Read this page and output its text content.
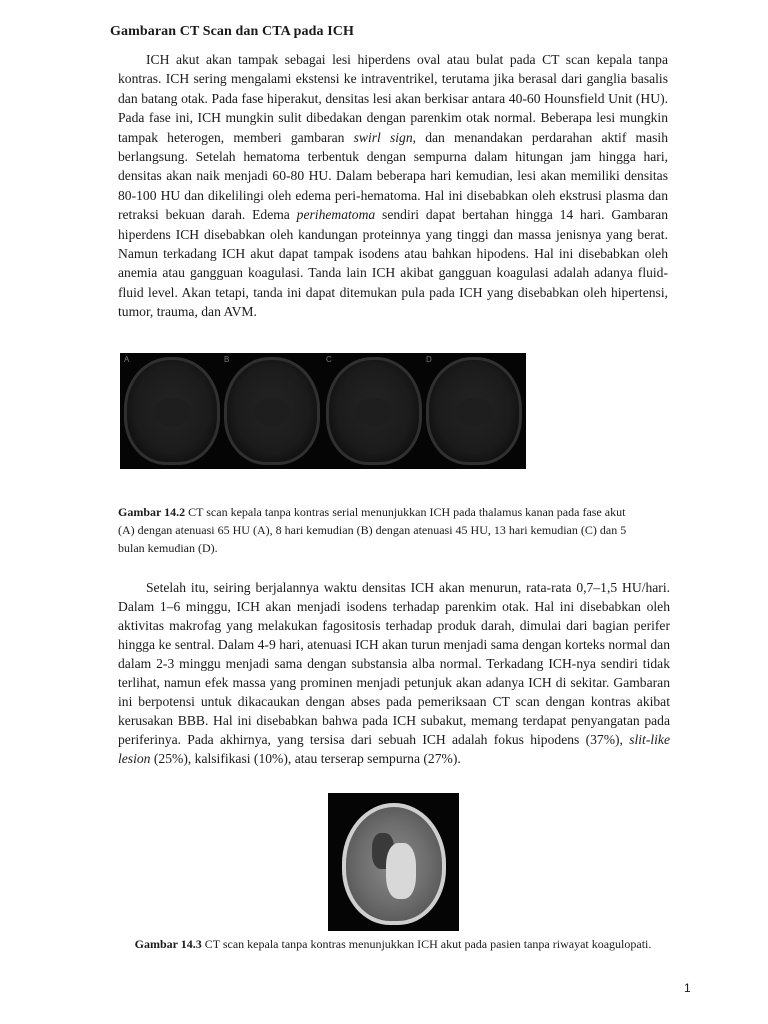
Gambaran CT Scan dan CTA pada ICH
ICH akut akan tampak sebagai lesi hiperdens oval atau bulat pada CT scan kepala tanpa kontras. ICH sering mengalami ekstensi ke intraventrikel, terutama jika berasal dari ganglia basalis dan batang otak. Pada fase hiperakut, densitas lesi akan berkisar antara 40-60 Hounsfield Unit (HU). Pada fase ini, ICH mungkin sulit dibedakan dengan parenkim otak normal. Beberapa lesi mungkin tampak heterogen, memberi gambaran swirl sign, dan menandakan perdarahan aktif masih berlangsung. Setelah hematoma terbentuk dengan sempurna dalam hitungan jam hingga hari, densitas akan naik menjadi 60-80 HU. Dalam beberapa hari kemudian, lesi akan memiliki densitas 80-100 HU dan dikelilingi oleh edema peri-hematoma. Hal ini disebabkan oleh ekstrusi plasma dan retraksi bekuan darah. Edema perihematoma sendiri dapat bertahan hingga 14 hari. Gambaran hiperdens ICH disebabkan oleh kandungan proteinnya yang tinggi dan massa jenisnya yang berat. Namun terkadang ICH akut dapat tampak isodens atau bahkan hipodens. Hal ini disebabkan oleh anemia atau gangguan koagulasi. Tanda lain ICH akibat gangguan koagulasi adalah adanya fluid-fluid level. Akan tetapi, tanda ini dapat ditemukan pula pada ICH yang disebabkan oleh hipertensi, tumor, trauma, dan AVM.
A	B	C	D
Gambar 14.2 CT scan kepala tanpa kontras serial menunjukkan ICH pada thalamus kanan pada fase akut (A) dengan atenuasi 65 HU (A), 8 hari kemudian (B) dengan atenuasi 45 HU, 13 hari kemudian (C) dan 5 bulan kemudian (D).
Setelah itu, seiring berjalannya waktu densitas ICH akan menurun, rata-rata 0,7–1,5 HU/hari. Dalam 1–6 minggu, ICH akan menjadi isodens terhadap parenkim otak. Hal ini disebabkan oleh aktivitas makrofag yang melakukan fagositosis terhadap produk darah, dimulai dari bagian perifer hingga ke sentral. Dalam 4-9 hari, atenuasi ICH akan turun menjadi sama dengan korteks normal dan dalam 2-3 minggu menjadi sama dengan substansia alba normal. Terkadang ICH-nya sendiri tidak terlihat, namun efek massa yang prominen menjadi petunjuk akan adanya ICH di sekitar. Gambaran ini berpotensi untuk dikacaukan dengan abses pada pemeriksaan CT scan dengan kontras akibat kerusakan BBB. Hal ini disebabkan bahwa pada ICH subakut, memang terdapat penyangatan pada periferinya. Pada akhirnya, yang tersisa dari sebuah ICH adalah fokus hipodens (37%), slit-like lesion (25%), kalsifikasi (10%), atau terserap sempurna (27%).
Gambar 14.3 CT scan kepala tanpa kontras menunjukkan ICH akut pada pasien tanpa riwayat koagulopati.
1
